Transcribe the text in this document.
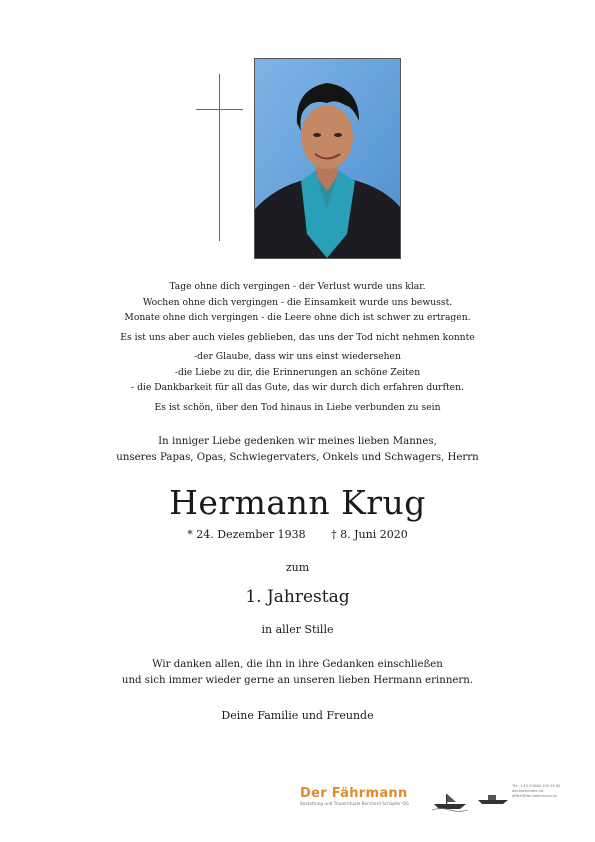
Tage ohne dich vergingen - der Verlust wurde uns klar.
Wochen ohne dich vergingen - die Einsamkeit wurde uns bewusst.
Monate ohne dich vergingen - die Leere ohne dich ist schwer zu ertragen.
Es ist uns aber auch vieles geblieben, das uns der Tod nicht nehmen konnte
-der Glaube, dass wir uns einst wiedersehen
-die Liebe zu dir, die Erinnerungen an schöne Zeiten
- die Dankbarkeit für all das Gute, das wir durch dich erfahren durften.
Es ist schön, über den Tod hinaus in Liebe verbunden zu sein
In inniger Liebe gedenken wir meines lieben Mannes,
unseres Papas, Opas, Schwiegervaters, Onkels und Schwagers, Herrn
Hermann Krug
* 24. Dezember 1938 † 8. Juni 2020
zum
1. Jahrestag
in aller Stille
Wir danken allen, die ihn in ihre Gedanken einschließen
und sich immer wieder gerne an unseren lieben Hermann erinnern.
Deine Familie und Freunde
Der Fährmann
Bestattung und Trauerrituale Bernhard Schöpfer OG
Tel.: +43 (0)664 195 99 60
der-faehrmann.at
office@der-faehrmann.at
